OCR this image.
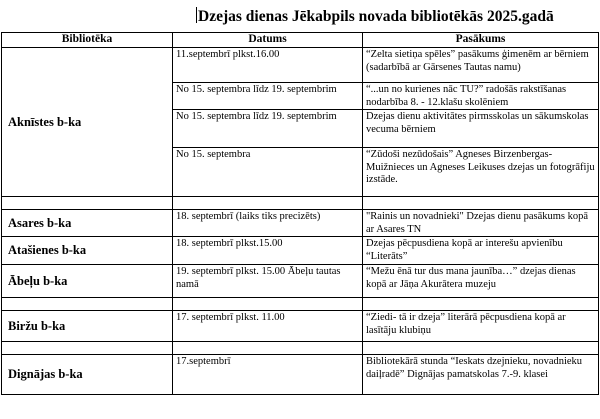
Dzejas dienas Jēkabpils novada bibliotēkās 2025.gadā
Bibliotēka	Datums	Pasākums
Aknīstes b-ka	11.septembrī plkst.16.00	“Zelta sietiņa spēles” pasākums ģimenēm ar bērniem (sadarbībā ar Gārsenes Tautas namu)
	No 15. septembra līdz 19. septembrim	“...un no kurienes nāc TU?” radošās rakstīšanas nodarbība 8. - 12.klašu skolēniem
	No 15. septembra līdz 19. septembrim	Dzejas dienu aktivitātes pirmsskolas un sākumskolas vecuma bērniem
	No 15. septembra	“Zūdoši nezūdošais” Agneses Birzenbergas-Muižnieces un Agneses Leikuses dzejas un fotogrāfiju izstāde.

Asares b-ka	18. septembrī (laiks tiks precizēts)	"Rainis un novadnieki" Dzejas dienu pasākums kopā ar Asares TN
Atašienes b-ka	18. septembrī plkst.15.00	Dzejas pēcpusdiena kopā ar interešu apvienību “Literāts”
Ābeļu b-ka	19. septembrī plkst. 15.00 Ābeļu tautas namā	“Mežu ēnā tur dus mana jaunība…” dzejas dienas kopā ar Jāņa Akurātera muzeju

Biržu b-ka	17. septembrī plkst. 11.00	“Ziedi- tā ir dzeja” literārā pēcpusdiena kopā ar lasītāju klubiņu

Dignājas b-ka	17.septembrī	Bibliotekārā stunda “Ieskats dzejnieku, novadnieku daiļradē” Dignājas pamatskolas 7.-9. klasei
